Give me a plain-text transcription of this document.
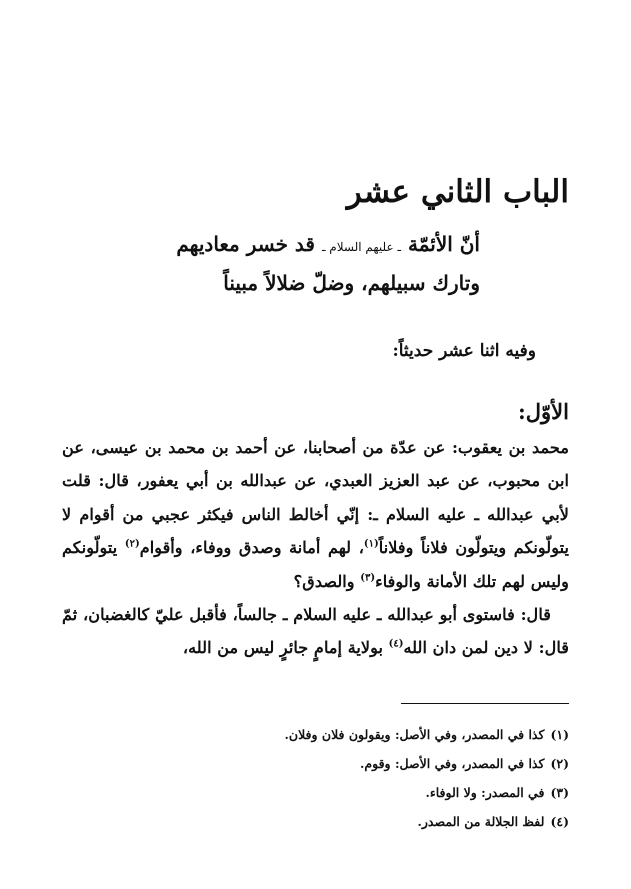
الباب الثاني عشر
أنّ الأئمّة ـ عليهم السلام ـ قد خسر معاديهم وتارك سبيلهم، وضلّ ضلالاً مبيناً
وفيه اثنا عشر حديثاً:
الأوّل:

محمد بن يعقوب: عن عدّة من أصحابنا، عن أحمد بن محمد بن عيسى، عن ابن محبوب، عن عبد العزيز العبدي، عن عبدالله بن أبي يعفور، قال: قلت لأبي عبدالله ـ عليه السلام ـ: إنّي أخالط الناس فيكثر عجبي من أقوام لا يتولّونكم ويتولّون فلاناً وفلاناً$^{(١)}$، لهم أمانة وصدق ووفاء، وأقوام$^{(٢)}$ يتولّونكم وليس لهم تلك الأمانة والوفاء$^{(٣)}$ والصدق؟

قال: فاستوى أبو عبدالله ـ عليه السلام ـ جالساً، فأقبل عليّ كالغضبان، ثمّ قال: لا دين لمن دان الله$^{(٤)}$ بولاية إمامٍ جائرٍ ليس من الله،

(١)كذا في المصدر، وفي الأصل: ويقولون فلان وفلان.
(٢)كذا في المصدر، وفي الأصل: وقوم.
(٣)في المصدر: ولا الوفاء.
(٤)لفظ الجلالة من المصدر.
